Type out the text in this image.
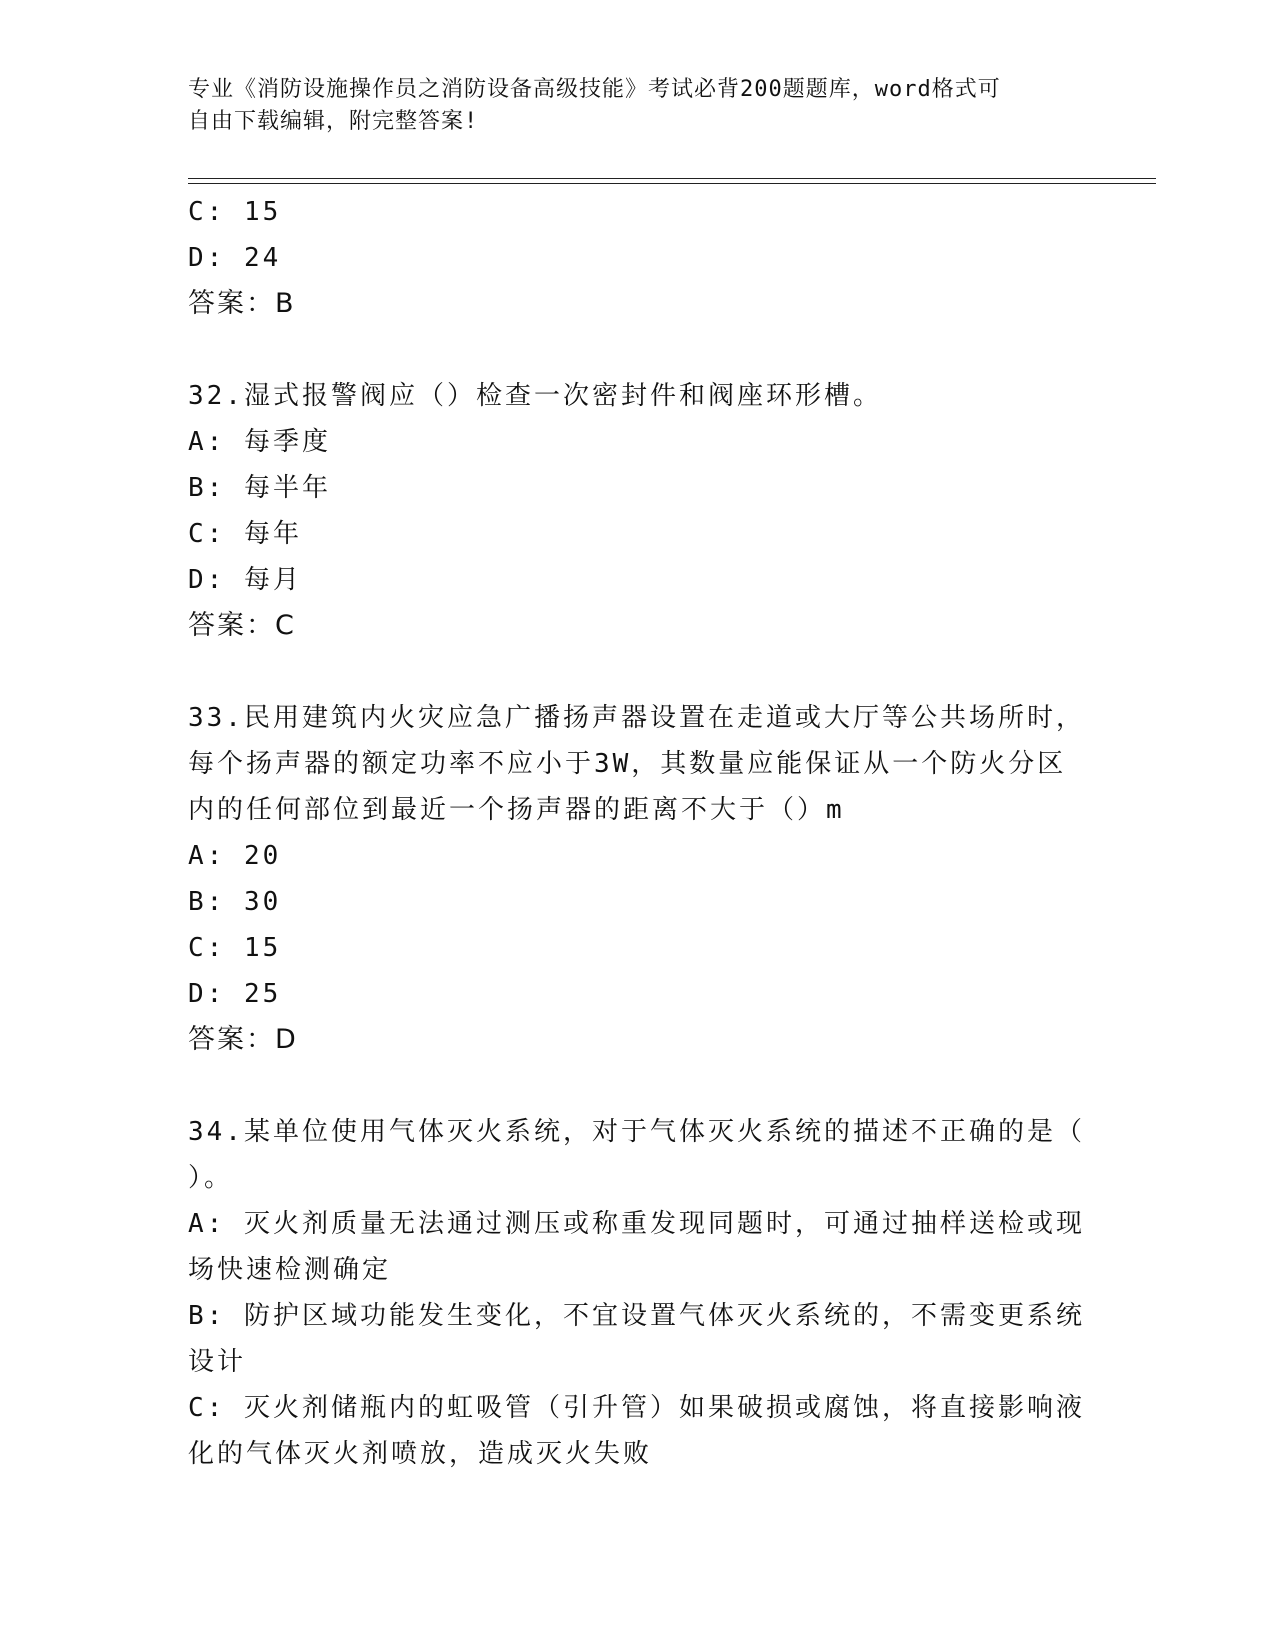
专业《消防设施操作员之消防设备高级技能》考试必背200题题库，word格式可
自由下载编辑，附完整答案!
C: 15
D: 24
答案：B
32.湿式报警阀应（）检查一次密封件和阀座环形槽。
A: 每季度
B: 每半年
C: 每年
D: 每月
答案：C
33.民用建筑内火灾应急广播扬声器设置在走道或大厅等公共场所时，
每个扬声器的额定功率不应小于3W，其数量应能保证从一个防火分区
内的任何部位到最近一个扬声器的距离不大于（）m
A: 20
B: 30
C: 15
D: 25
答案：D
34.某单位使用气体灭火系统，对于气体灭火系统的描述不正确的是（
）。
A: 灭火剂质量无法通过测压或称重发现同题时，可通过抽样送检或现
场快速检测确定
B: 防护区域功能发生变化，不宜设置气体灭火系统的，不需变更系统
设计
C: 灭火剂储瓶内的虹吸管（引升管）如果破损或腐蚀，将直接影响液
化的气体灭火剂喷放，造成灭火失败
